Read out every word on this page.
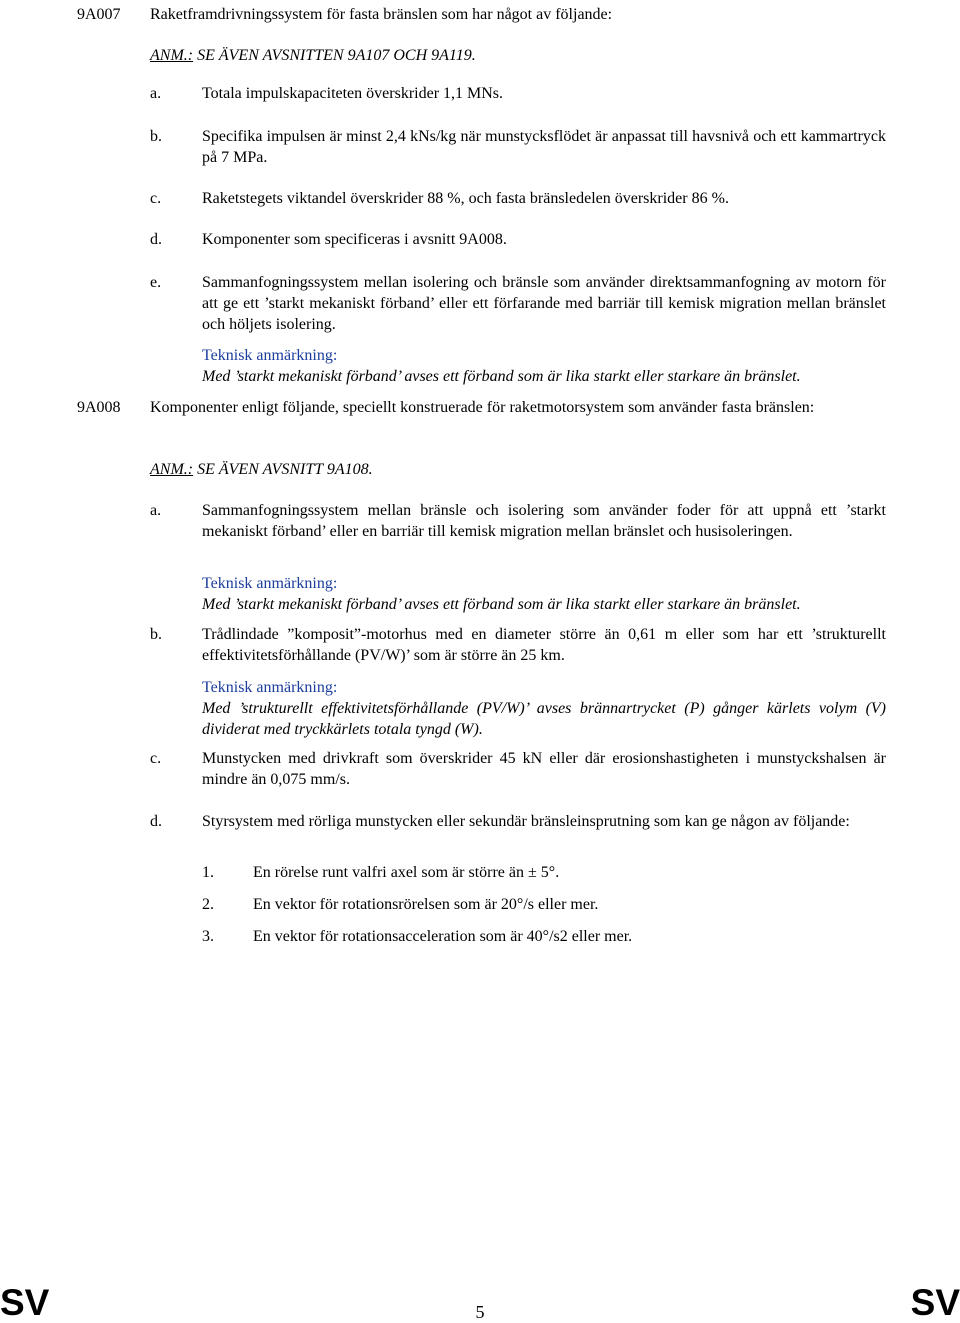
9A007 Raketframdrivningssystem för fasta bränslen som har något av följande:
ANM.: SE ÄVEN AVSNITTEN 9A107 OCH 9A119.
a.	Totala impulskapaciteten överskrider 1,1 MNs.
b.	Specifika impulsen är minst 2,4 kNs/kg när munstycksflödet är anpassat till havsnivå och ett kammartryck på 7 MPa.
c.	Raketstegets viktandel överskrider 88 %, och fasta bränsledelen överskrider 86 %.
d.	Komponenter som specificeras i avsnitt 9A008.
e.	Sammanfogningssystem mellan isolering och bränsle som använder direktsammanfogning av motorn för att ge ett ’starkt mekaniskt förband’ eller ett förfarande med barriär till kemisk migration mellan bränslet och höljets isolering.
Teknisk anmärkning:
Med ’starkt mekaniskt förband’ avses ett förband som är lika starkt eller starkare än bränslet.
9A008 Komponenter enligt följande, speciellt konstruerade för raketmotorsystem som använder fasta bränslen:
ANM.: SE ÄVEN AVSNITT 9A108.
a.	Sammanfogningssystem mellan bränsle och isolering som använder foder för att uppnå ett ’starkt mekaniskt förband’ eller en barriär till kemisk migration mellan bränslet och husisoleringen.
Teknisk anmärkning:
Med ’starkt mekaniskt förband’ avses ett förband som är lika starkt eller starkare än bränslet.
b.	Trådlindade ”komposit”-motorhus med en diameter större än 0,61 m eller som har ett ’strukturellt effektivitetsförhållande (PV/W)’ som är större än 25 km.
Teknisk anmärkning:
Med ’strukturellt effektivitetsförhållande (PV/W)’ avses brännartrycket (P) gånger kärlets volym (V) dividerat med tryckkärlets totala tyngd (W).
c.	Munstycken med drivkraft som överskrider 45 kN eller där erosionshastigheten i munstyckshalsen är mindre än 0,075 mm/s.
d.	Styrsystem med rörliga munstycken eller sekundär bränsleinsprutning som kan ge någon av följande:
1. En rörelse runt valfri axel som är större än ± 5°.
2. En vektor för rotationsrörelsen som är 20°/s eller mer.
3. En vektor för rotationsacceleration som är 40°/s2 eller mer.
SV	5	SV
